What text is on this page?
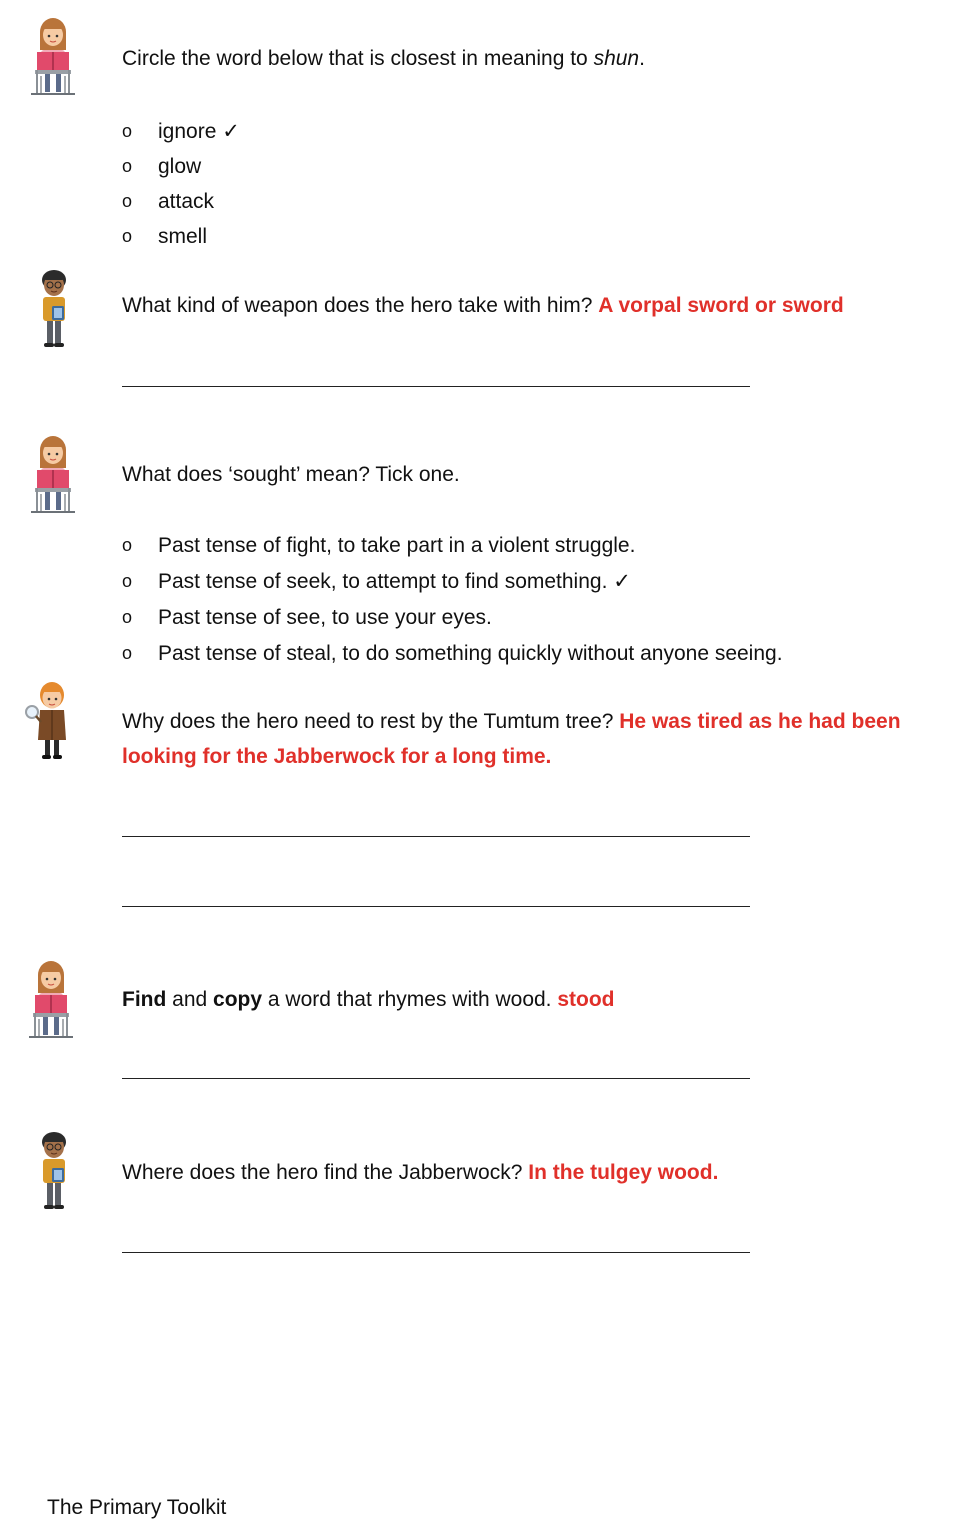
Circle the word below that is closest in meaning to shun.
o	ignore ✓
o	glow
o	attack
o	smell
What kind of weapon does the hero take with him? A vorpal sword or sword
What does ‘sought’ mean? Tick one.
o	Past tense of fight, to take part in a violent struggle.
o	Past tense of seek, to attempt to find something. ✓
o	Past tense of see, to use your eyes.
o	Past tense of steal, to do something quickly without anyone seeing.
Why does the hero need to rest by the Tumtum tree? He was tired as he had been
looking for the Jabberwock for a long time.
Find and copy a word that rhymes with wood. stood
Where does the hero find the Jabberwock? In the tulgey wood.
The Primary Toolkit
